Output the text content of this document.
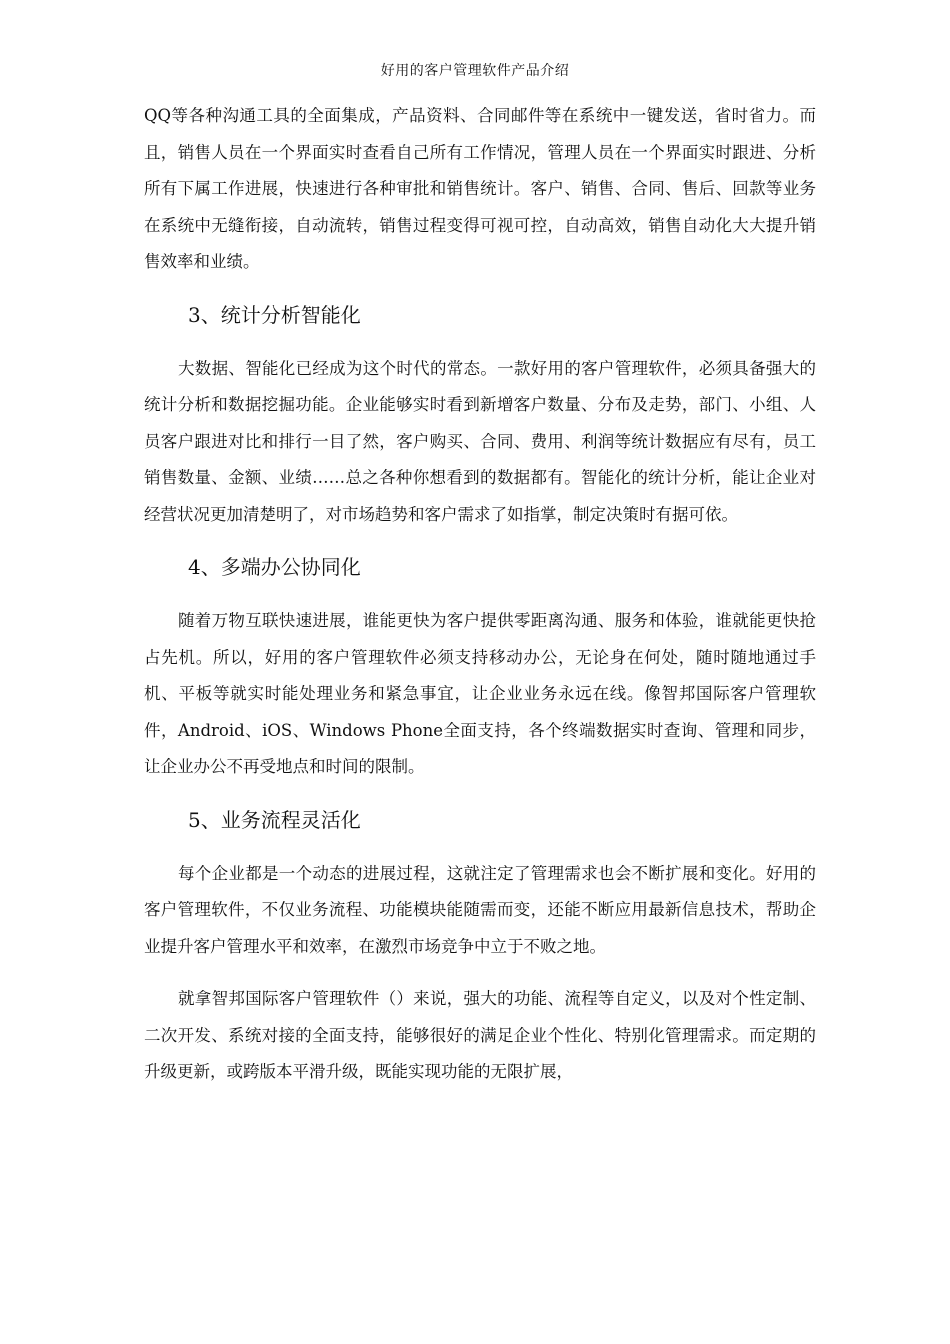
好用的客户管理软件产品介绍

QQ等各种沟通工具的全面集成，产品资料、合同邮件等在系统中一键发送，省时省力。而且，销售人员在一个界面实时查看自己所有工作情况，管理人员在一个界面实时跟进、分析所有下属工作进展，快速进行各种审批和销售统计。客户、销售、合同、售后、回款等业务在系统中无缝衔接，自动流转，销售过程变得可视可控，自动高效，销售自动化大大提升销售效率和业绩。

3、统计分析智能化

大数据、智能化已经成为这个时代的常态。一款好用的客户管理软件，必须具备强大的统计分析和数据挖掘功能。企业能够实时看到新增客户数量、分布及走势，部门、小组、人员客户跟进对比和排行一目了然，客户购买、合同、费用、利润等统计数据应有尽有，员工销售数量、金额、业绩……总之各种你想看到的数据都有。智能化的统计分析，能让企业对经营状况更加清楚明了，对市场趋势和客户需求了如指掌，制定决策时有据可依。

4、多端办公协同化

随着万物互联快速进展，谁能更快为客户提供零距离沟通、服务和体验，谁就能更快抢占先机。所以，好用的客户管理软件必须支持移动办公，无论身在何处，随时随地通过手机、平板等就实时能处理业务和紧急事宜，让企业业务永远在线。像智邦国际客户管理软件，Android、iOS、Windows Phone全面支持，各个终端数据实时查询、管理和同步，让企业办公不再受地点和时间的限制。

5、业务流程灵活化

每个企业都是一个动态的进展过程，这就注定了管理需求也会不断扩展和变化。好用的客户管理软件，不仅业务流程、功能模块能随需而变，还能不断应用最新信息技术，帮助企业提升客户管理水平和效率，在激烈市场竞争中立于不败之地。

就拿智邦国际客户管理软件（）来说，强大的功能、流程等自定义，以及对个性定制、二次开发、系统对接的全面支持，能够很好的满足企业个性化、特别化管理需求。而定期的升级更新，或跨版本平滑升级，既能实现功能的无限扩展，
